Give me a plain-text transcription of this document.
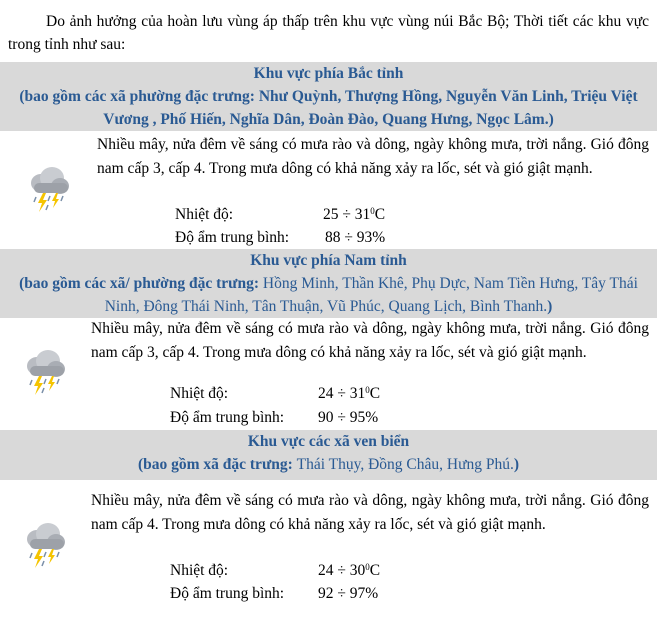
Do ảnh hưởng của hoàn lưu vùng áp thấp trên khu vực vùng núi Bắc Bộ; Thời tiết các khu vực trong tỉnh như sau:
Khu vực phía Bắc tỉnh
(bao gồm các xã phường đặc trưng: Như Quỳnh, Thượng Hồng, Nguyễn Văn Linh, Triệu Việt Vương , Phố Hiến, Nghĩa Dân, Đoàn Đào, Quang Hưng, Ngọc Lâm.)
Nhiều mây, nửa đêm về sáng có mưa rào và dông, ngày không mưa, trời nắng. Gió đông nam cấp 3, cấp 4. Trong mưa dông có khả năng xảy ra lốc, sét và gió giật mạnh.
Nhiệt độ:	$25 \div 31^0C$
Độ ẩm trung bình: 88 ÷ 93%
Khu vực phía Nam tỉnh
(bao gồm các xã/ phường đặc trưng: Hồng Minh, Thần Khê, Phụ Dực, Nam Tiền Hưng, Tây Thái Ninh, Đông Thái Ninh, Tân Thuận, Vũ Phúc, Quang Lịch, Bình Thanh.)
Nhiều mây, nửa đêm về sáng có mưa rào và dông, ngày không mưa, trời nắng. Gió đông nam cấp 3, cấp 4. Trong mưa dông có khả năng xảy ra lốc, sét và gió giật mạnh.
Nhiệt độ:	$24 \div 31^0C$
Độ ẩm trung bình: 90 ÷ 95%
Khu vực các xã ven biển
(bao gồm xã đặc trưng: Thái Thụy, Đồng Châu, Hưng Phú.)
Nhiều mây, nửa đêm về sáng có mưa rào và dông, ngày không mưa, trời nắng. Gió đông nam cấp 4. Trong mưa dông có khả năng xảy ra lốc, sét và gió giật mạnh.
Nhiệt độ:	$24 \div 30^0C$
Độ ẩm trung bình: 92 ÷ 97%
